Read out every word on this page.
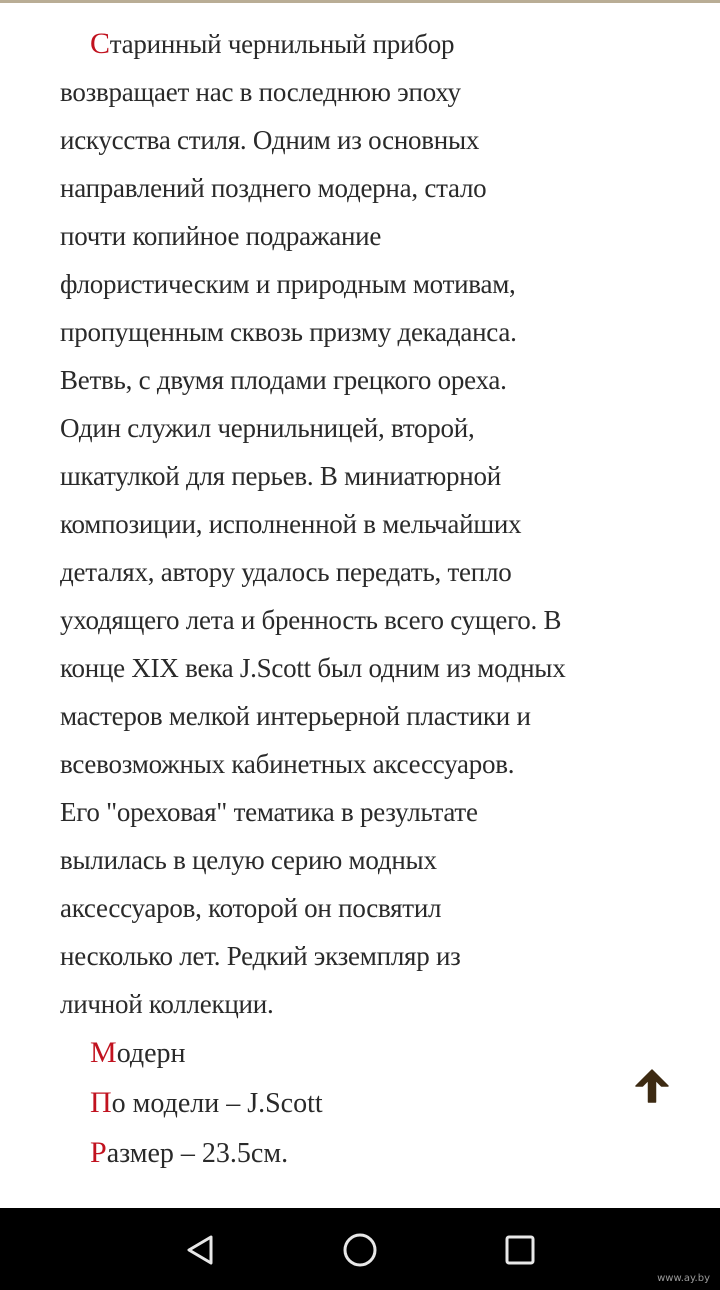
Старинный чернильный прибор
возвращает нас в последнюю эпоху
искусства стиля. Одним из основных
направлений позднего модерна, стало
почти копийное подражание
флористическим и природным мотивам,
пропущенным сквозь призму декаданса.
Ветвь, с двумя плодами грецкого ореха.
Один служил чернильницей, второй,
шкатулкой для перьев. В миниатюрной
композиции, исполненной в мельчайших
деталях, автору удалось передать, тепло
уходящего лета и бренность всего сущего. В
конце XIX века J.Scott был одним из модных
мастеров мелкой интерьерной пластики и
всевозможных кабинетных аксессуаров.
Его "ореховая" тематика в результате
вылилась в целую серию модных
аксессуаров, которой он посвятил
несколько лет. Редкий экземпляр из
личной коллекции.
Модерн
По модели – J.Scott
Размер – 23.5см.
www.ay.by
